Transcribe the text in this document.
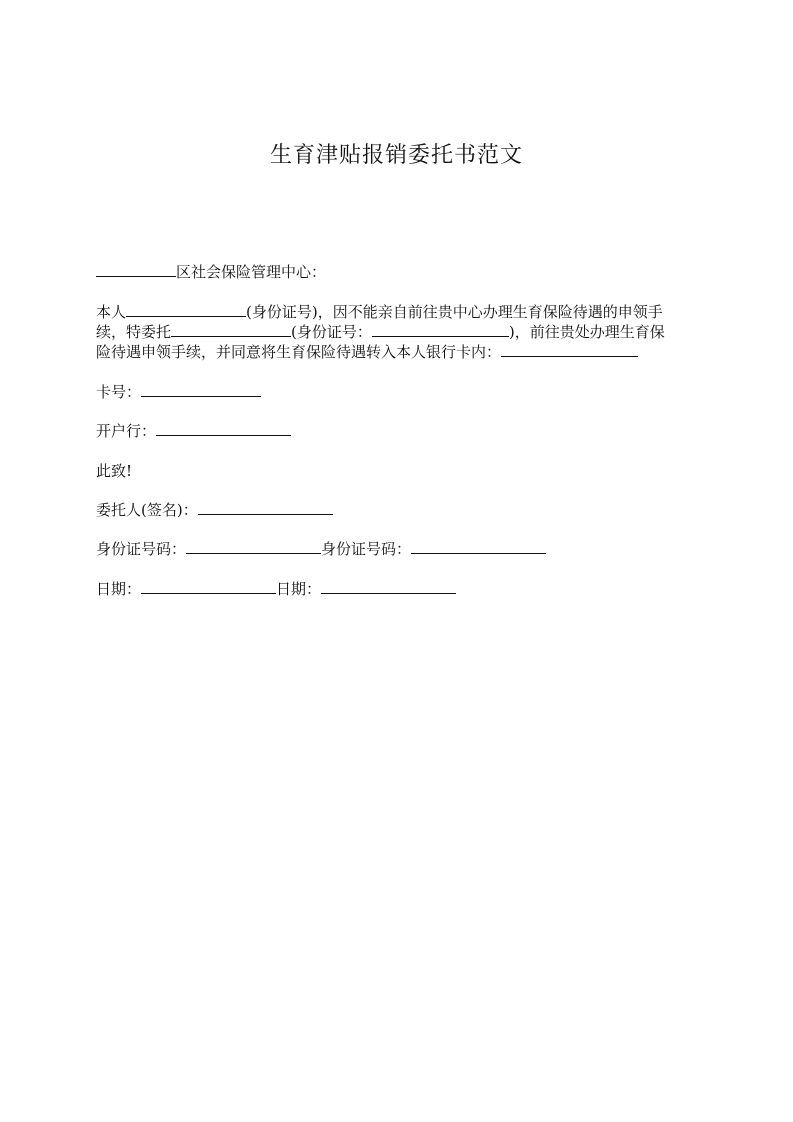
生育津贴报销委托书范文
区社会保险管理中心：
本人	(身份证号)，因不能亲自前往贵中心办理生育保险待遇的申领手
续，特委托	(身份证号：	)，前往贵处办理生育保
险待遇申领手续，并同意将生育保险待遇转入本人银行卡内：
卡号：
开户行：
此致!
委托人(签名)：
身份证号码：	身份证号码：
日期：	日期：
